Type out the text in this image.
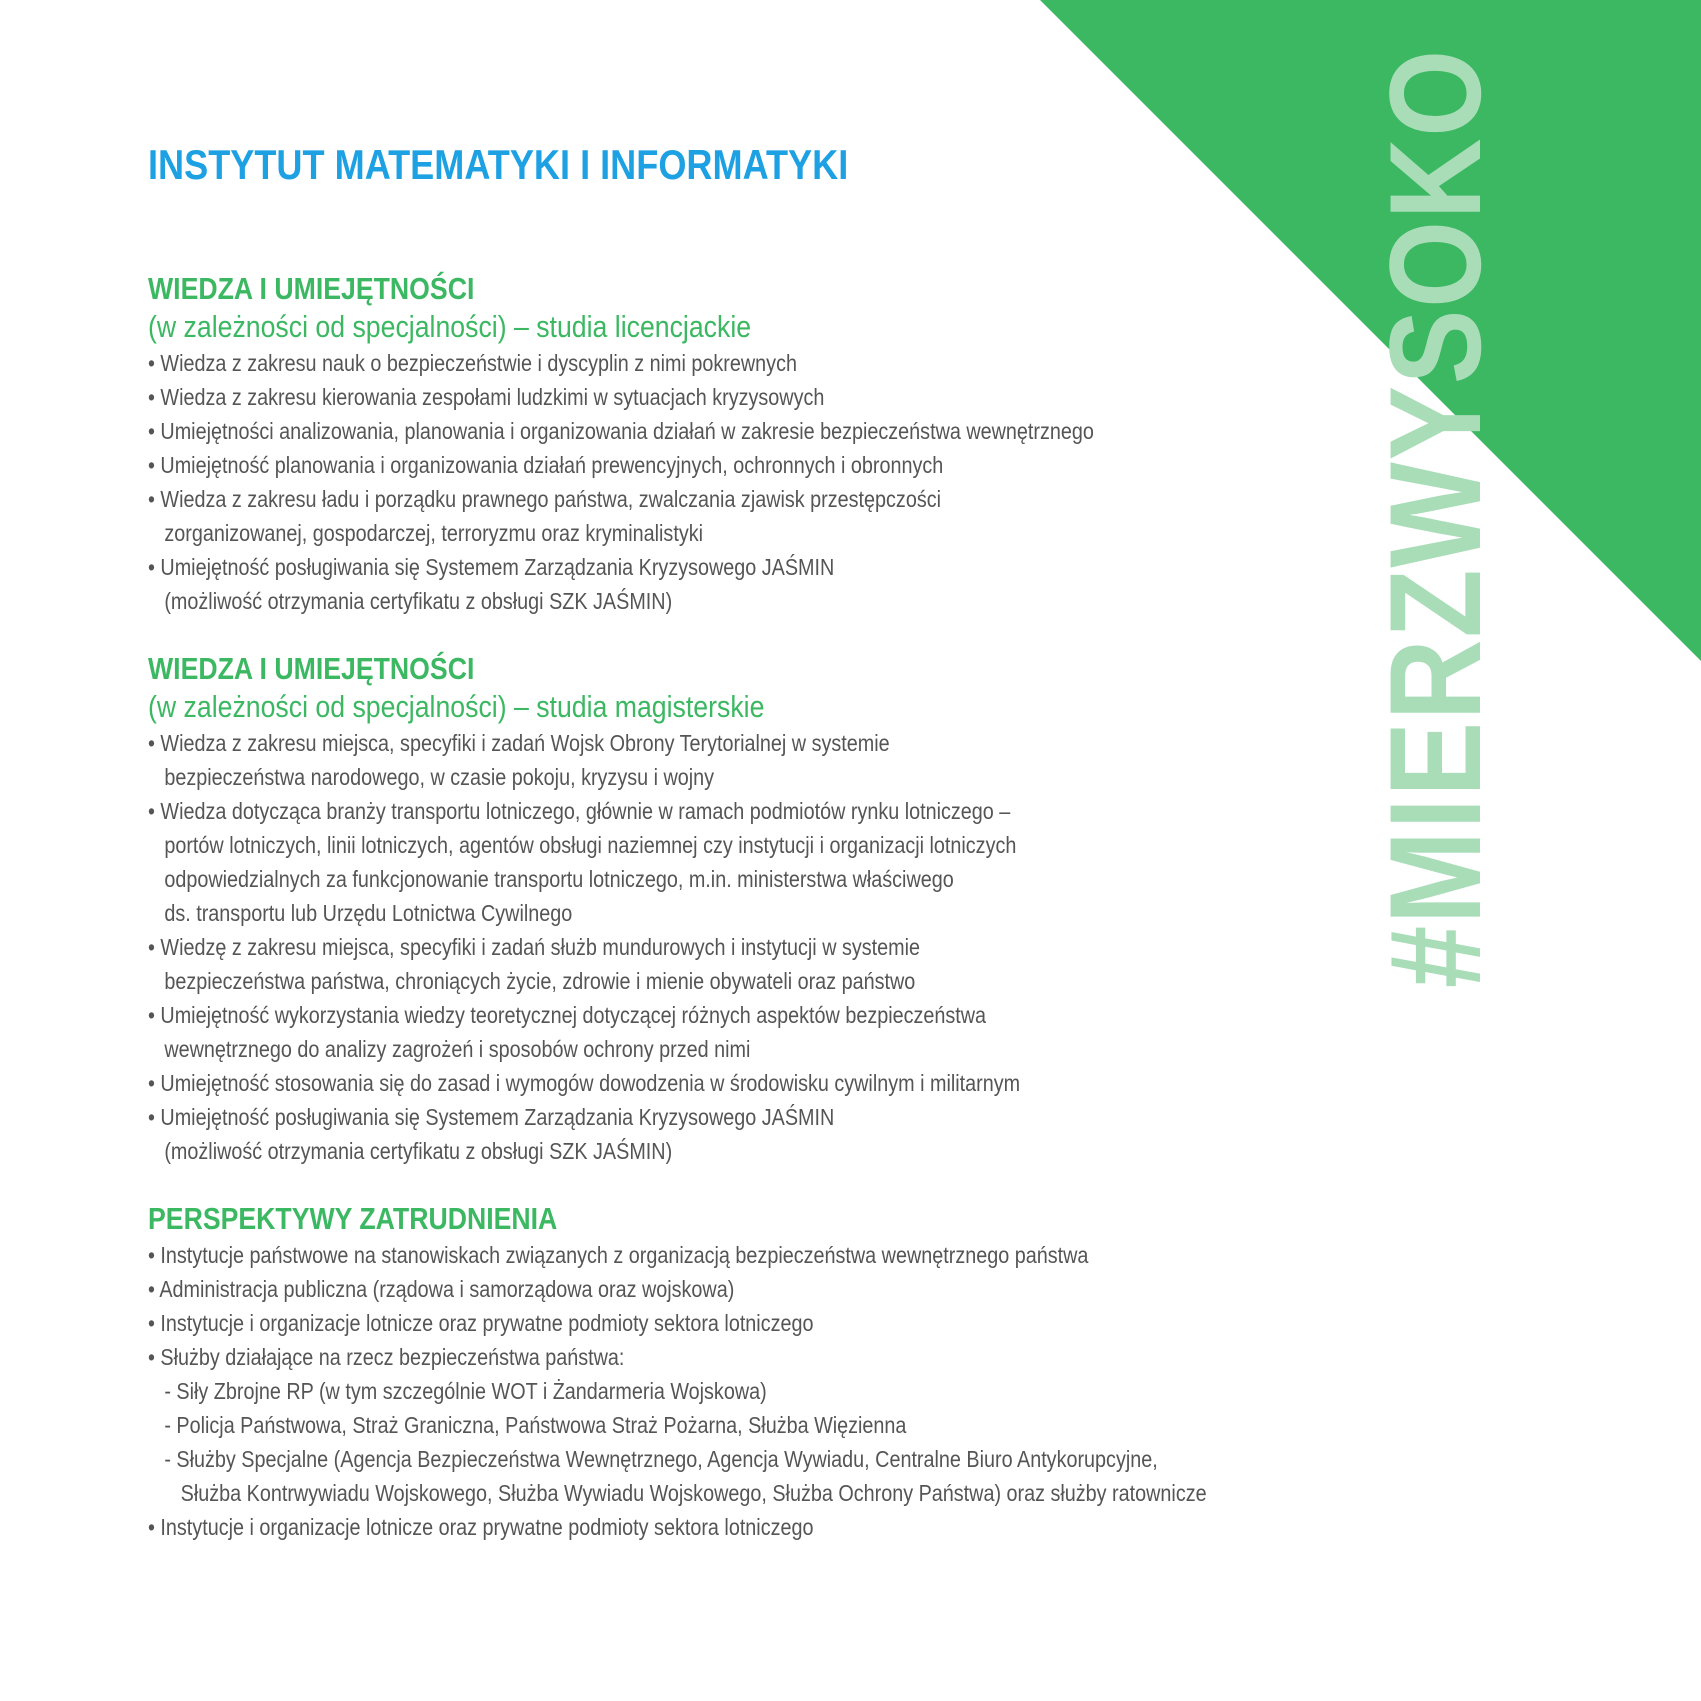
#MIERZWYSOKO
INSTYTUT MATEMATYKI I INFORMATYKI
WIEDZA I UMIEJĘTNOŚCI
(w zależności od specjalności) – studia licencjackie
• Wiedza z zakresu nauk o bezpieczeństwie i dyscyplin z nimi pokrewnych
• Wiedza z zakresu kierowania zespołami ludzkimi w sytuacjach kryzysowych
• Umiejętności analizowania, planowania i organizowania działań w zakresie bezpieczeństwa wewnętrznego
• Umiejętność planowania i organizowania działań prewencyjnych, ochronnych i obronnych
• Wiedza z zakresu ładu i porządku prawnego państwa, zwalczania zjawisk przestępczości
zorganizowanej, gospodarczej, terroryzmu oraz kryminalistyki
• Umiejętność posługiwania się Systemem Zarządzania Kryzysowego JAŚMIN
(możliwość otrzymania certyfikatu z obsługi SZK JAŚMIN)
WIEDZA I UMIEJĘTNOŚCI
(w zależności od specjalności) – studia magisterskie
• Wiedza z zakresu miejsca, specyfiki i zadań Wojsk Obrony Terytorialnej w systemie
bezpieczeństwa narodowego, w czasie pokoju, kryzysu i wojny
• Wiedza dotycząca branży transportu lotniczego, głównie w ramach podmiotów rynku lotniczego –
portów lotniczych, linii lotniczych, agentów obsługi naziemnej czy instytucji i organizacji lotniczych
odpowiedzialnych za funkcjonowanie transportu lotniczego, m.in. ministerstwa właściwego
ds. transportu lub Urzędu Lotnictwa Cywilnego
• Wiedzę z zakresu miejsca, specyfiki i zadań służb mundurowych i instytucji w systemie
bezpieczeństwa państwa, chroniących życie, zdrowie i mienie obywateli oraz państwo
• Umiejętność wykorzystania wiedzy teoretycznej dotyczącej różnych aspektów bezpieczeństwa
wewnętrznego do analizy zagrożeń i sposobów ochrony przed nimi
• Umiejętność stosowania się do zasad i wymogów dowodzenia w środowisku cywilnym i militarnym
• Umiejętność posługiwania się Systemem Zarządzania Kryzysowego JAŚMIN
(możliwość otrzymania certyfikatu z obsługi SZK JAŚMIN)
PERSPEKTYWY ZATRUDNIENIA
• Instytucje państwowe na stanowiskach związanych z organizacją bezpieczeństwa wewnętrznego państwa
• Administracja publiczna (rządowa i samorządowa oraz wojskowa)
• Instytucje i organizacje lotnicze oraz prywatne podmioty sektora lotniczego
• Służby działające na rzecz bezpieczeństwa państwa:
- Siły Zbrojne RP (w tym szczególnie WOT i Żandarmeria Wojskowa)
- Policja Państwowa, Straż Graniczna, Państwowa Straż Pożarna, Służba Więzienna
- Służby Specjalne (Agencja Bezpieczeństwa Wewnętrznego, Agencja Wywiadu, Centralne Biuro Antykorupcyjne,
Służba Kontrwywiadu Wojskowego, Służba Wywiadu Wojskowego, Służba Ochrony Państwa) oraz służby ratownicze
• Instytucje i organizacje lotnicze oraz prywatne podmioty sektora lotniczego
